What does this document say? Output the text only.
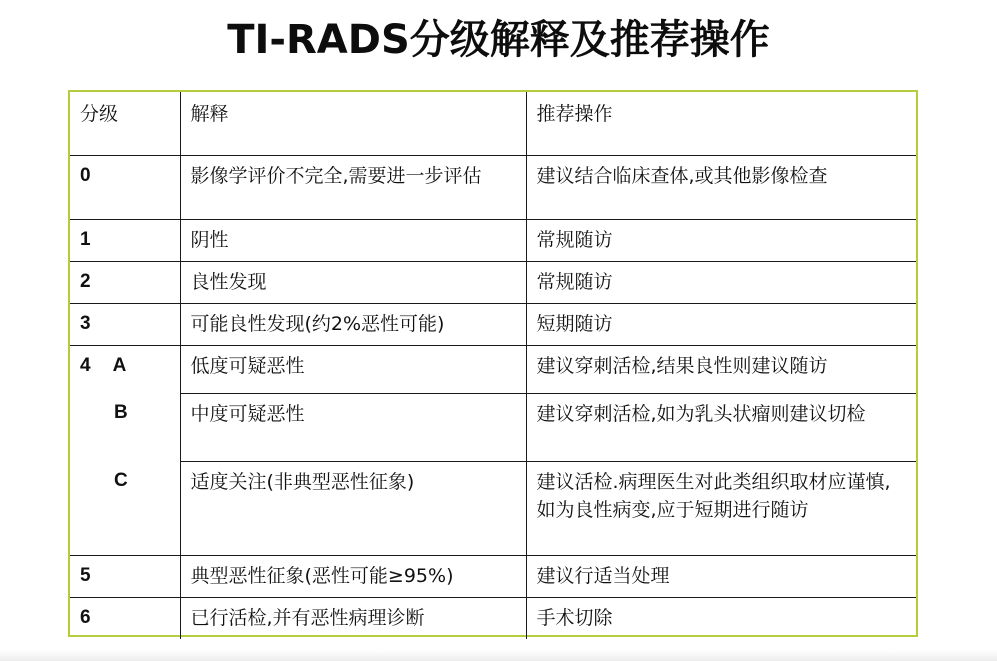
TI-RADS分级解释及推荐操作
分级	解释	推荐操作
0	影像学评价不完全,需要进一步评估	建议结合临床查体,或其他影像检查
1	阴性	常规随访
2	良性发现	常规随访
3	可能良性发现(约2%恶性可能)	短期随访
4 A	低度可疑恶性	建议穿刺活检,结果良性则建议随访
B	中度可疑恶性	建议穿刺活检,如为乳头状瘤则建议切检
C	适度关注(非典型恶性征象)	建议活检.病理医生对此类组织取材应谨慎,如为良性病变,应于短期进行随访
5	典型恶性征象(恶性可能≥95%)	建议行适当处理
6	已行活检,并有恶性病理诊断	手术切除
